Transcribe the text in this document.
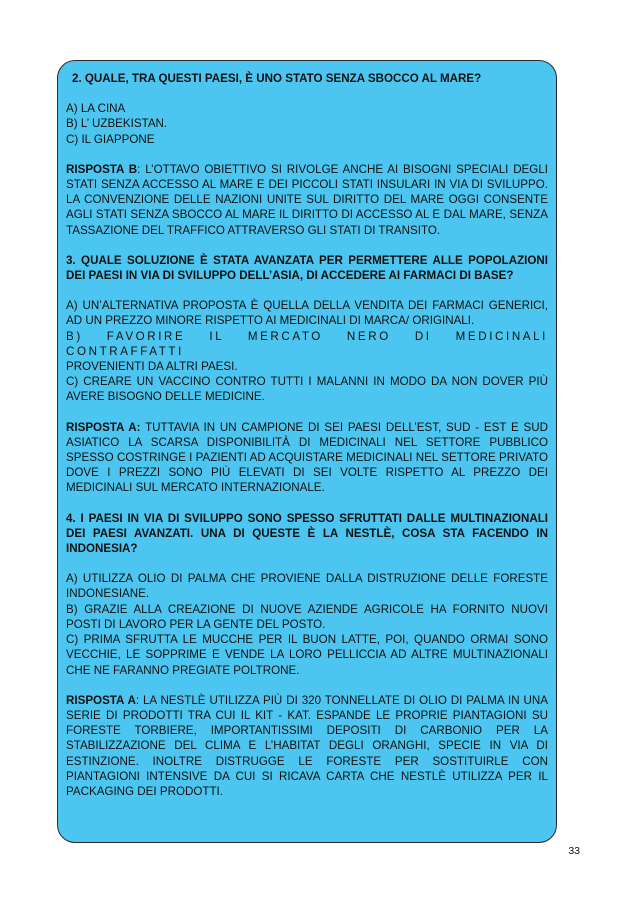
2. QUALE, TRA QUESTI PAESI, È UNO STATO SENZA SBOCCO AL MARE?

A) LA CINA

B) L’ UZBEKISTAN.

C) IL GIAPPONE

RISPOSTA B: L’OTTAVO OBIETTIVO SI RIVOLGE ANCHE AI BISOGNI SPECIALI DEGLI STATI SENZA ACCESSO AL MARE E DEI PICCOLI STATI INSULARI IN VIA DI SVILUPPO. LA CONVENZIONE DELLE NAZIONI UNITE SUL DIRITTO DEL MARE OGGI CONSENTE AGLI STATI SENZA SBOCCO AL MARE IL DIRITTO DI ACCESSO AL E DAL MARE, SENZA TASSAZIONE DEL TRAFFICO ATTRAVERSO GLI STATI DI TRANSITO.

3. QUALE SOLUZIONE È STATA AVANZATA PER PERMETTERE ALLE POPOLAZIONI DEI PAESI IN VIA DI SVILUPPO DELL’ASIA, DI ACCEDERE AI FARMACI DI BASE?

A) UN’ALTERNATIVA PROPOSTA È QUELLA DELLA VENDITA DEI FARMACI GENERICI, AD UN PREZZO MINORE RISPETTO AI MEDICINALI DI MARCA/ ORIGINALI.

B) FAVORIRE IL MERCATO NERO DI MEDICINALI CONTRAFFATTI

PROVENIENTI DA ALTRI PAESI.

C) CREARE UN VACCINO CONTRO TUTTI I MALANNI IN MODO DA NON DOVER PIÙ AVERE BISOGNO DELLE MEDICINE.

RISPOSTA A: TUTTAVIA IN UN CAMPIONE DI SEI PAESI DELL’EST, SUD - EST E SUD ASIATICO LA SCARSA DISPONIBILITÀ DI MEDICINALI NEL SETTORE PUBBLICO SPESSO COSTRINGE I PAZIENTI AD ACQUISTARE MEDICINALI NEL SETTORE PRIVATO DOVE I PREZZI SONO PIÙ ELEVATI DI SEI VOLTE RISPETTO AL PREZZO DEI MEDICINALI SUL MERCATO INTERNAZIONALE.

4. I PAESI IN VIA DI SVILUPPO SONO SPESSO SFRUTTATI DALLE MULTINAZIONALI DEI PAESI AVANZATI. UNA DI QUESTE È LA NESTLÈ, COSA STA FACENDO IN INDONESIA?

A) UTILIZZA OLIO DI PALMA CHE PROVIENE DALLA DISTRUZIONE DELLE FORESTE INDONESIANE.

B) GRAZIE ALLA CREAZIONE DI NUOVE AZIENDE AGRICOLE HA FORNITO NUOVI POSTI DI LAVORO PER LA GENTE DEL POSTO.

C) PRIMA SFRUTTA LE MUCCHE PER IL BUON LATTE, POI, QUANDO ORMAI SONO VECCHIE, LE SOPPRIME E VENDE LA LORO PELLICCIA AD ALTRE MULTINAZIONALI CHE NE FARANNO PREGIATE POLTRONE.

RISPOSTA A: LA NESTLÈ UTILIZZA PIÙ DI 320 TONNELLATE DI OLIO DI PALMA IN UNA SERIE DI PRODOTTI TRA CUI IL KIT - KAT. ESPANDE LE PROPRIE PIANTAGIONI SU FORESTE TORBIERE, IMPORTANTISSIMI DEPOSITI DI CARBONIO PER LA STABILIZZAZIONE DEL CLIMA E L’HABITAT DEGLI ORANGHI, SPECIE IN VIA DI ESTINZIONE. INOLTRE DISTRUGGE LE FORESTE PER SOSTITUIRLE CON PIANTAGIONI INTENSIVE DA CUI SI RICAVA CARTA CHE NESTLÈ UTILIZZA PER IL PACKAGING DEI PRODOTTI.

33
